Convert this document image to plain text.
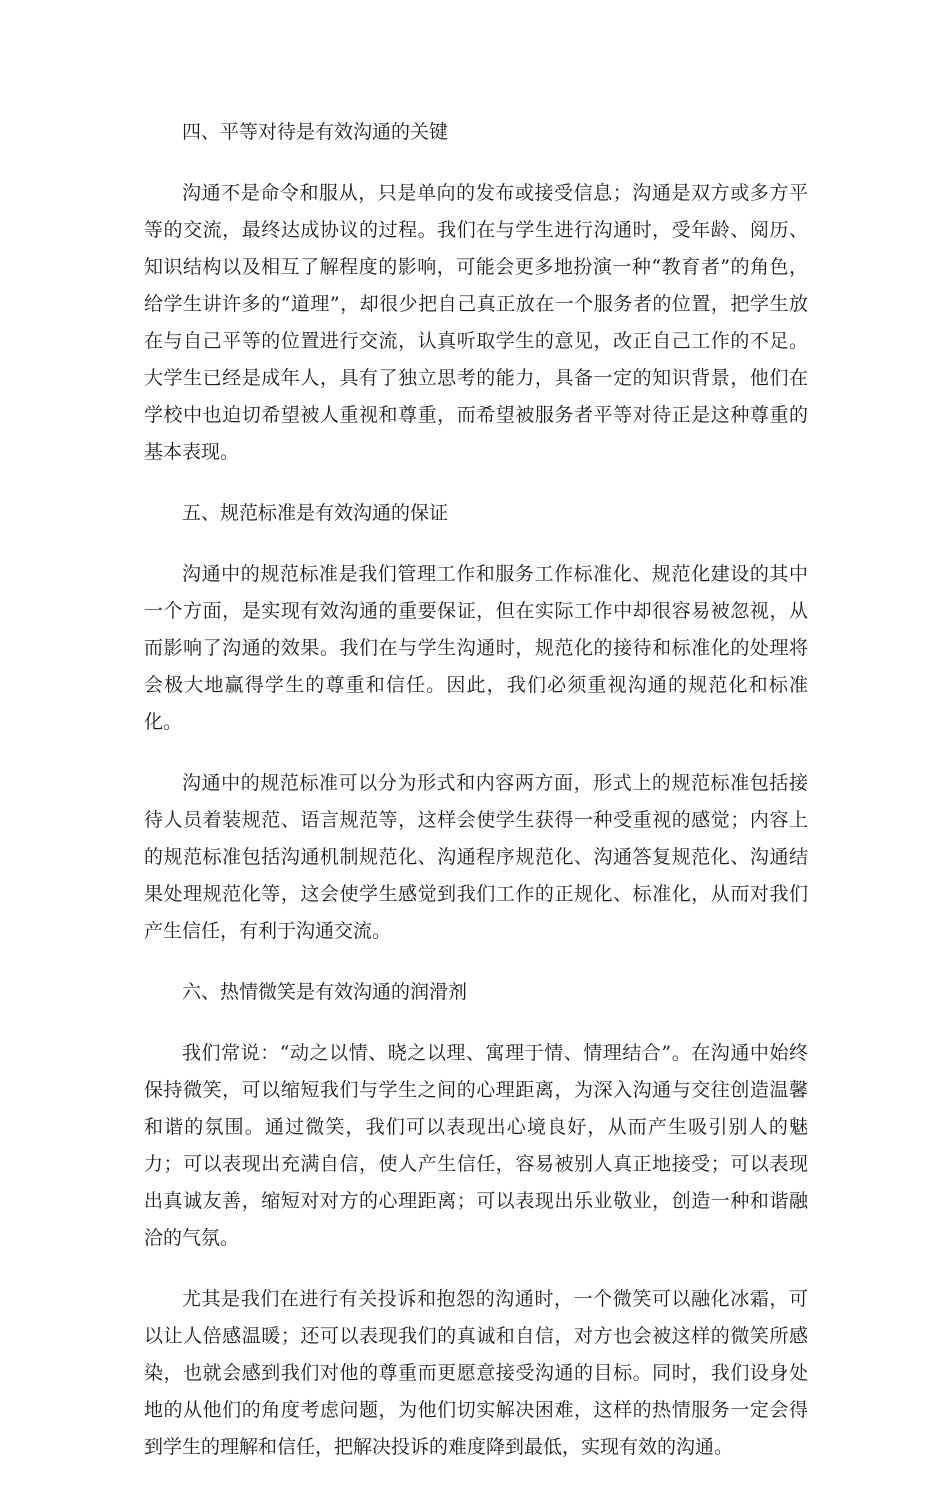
四、平等对待是有效沟通的关键

沟通不是命令和服从，只是单向的发布或接受信息；沟通是双方或多方平等的交流，最终达成协议的过程。我们在与学生进行沟通时，受年龄、阅历、知识结构以及相互了解程度的影响，可能会更多地扮演一种“教育者”的角色，给学生讲许多的“道理”，却很少把自己真正放在一个服务者的位置，把学生放在与自己平等的位置进行交流，认真听取学生的意见，改正自己工作的不足。大学生已经是成年人，具有了独立思考的能力，具备一定的知识背景，他们在学校中也迫切希望被人重视和尊重，而希望被服务者平等对待正是这种尊重的基本表现。

五、规范标准是有效沟通的保证

沟通中的规范标准是我们管理工作和服务工作标准化、规范化建设的其中一个方面，是实现有效沟通的重要保证，但在实际工作中却很容易被忽视，从而影响了沟通的效果。我们在与学生沟通时，规范化的接待和标准化的处理将会极大地赢得学生的尊重和信任。因此，我们必须重视沟通的规范化和标准化。

沟通中的规范标准可以分为形式和内容两方面，形式上的规范标准包括接待人员着装规范、语言规范等，这样会使学生获得一种受重视的感觉；内容上的规范标准包括沟通机制规范化、沟通程序规范化、沟通答复规范化、沟通结果处理规范化等，这会使学生感觉到我们工作的正规化、标准化，从而对我们产生信任，有利于沟通交流。

六、热情微笑是有效沟通的润滑剂

我们常说：“动之以情、晓之以理、寓理于情、情理结合”。在沟通中始终保持微笑，可以缩短我们与学生之间的心理距离，为深入沟通与交往创造温馨和谐的氛围。通过微笑，我们可以表现出心境良好，从而产生吸引别人的魅力；可以表现出充满自信，使人产生信任，容易被别人真正地接受；可以表现出真诚友善，缩短对对方的心理距离；可以表现出乐业敬业，创造一种和谐融洽的气氛。

尤其是我们在进行有关投诉和抱怨的沟通时，一个微笑可以融化冰霜，可以让人倍感温暖；还可以表现我们的真诚和自信，对方也会被这样的微笑所感染，也就会感到我们对他的尊重而更愿意接受沟通的目标。同时，我们设身处地的从他们的角度考虑问题，为他们切实解决困难，这样的热情服务一定会得到学生的理解和信任，把解决投诉的难度降到最低，实现有效的沟通。
